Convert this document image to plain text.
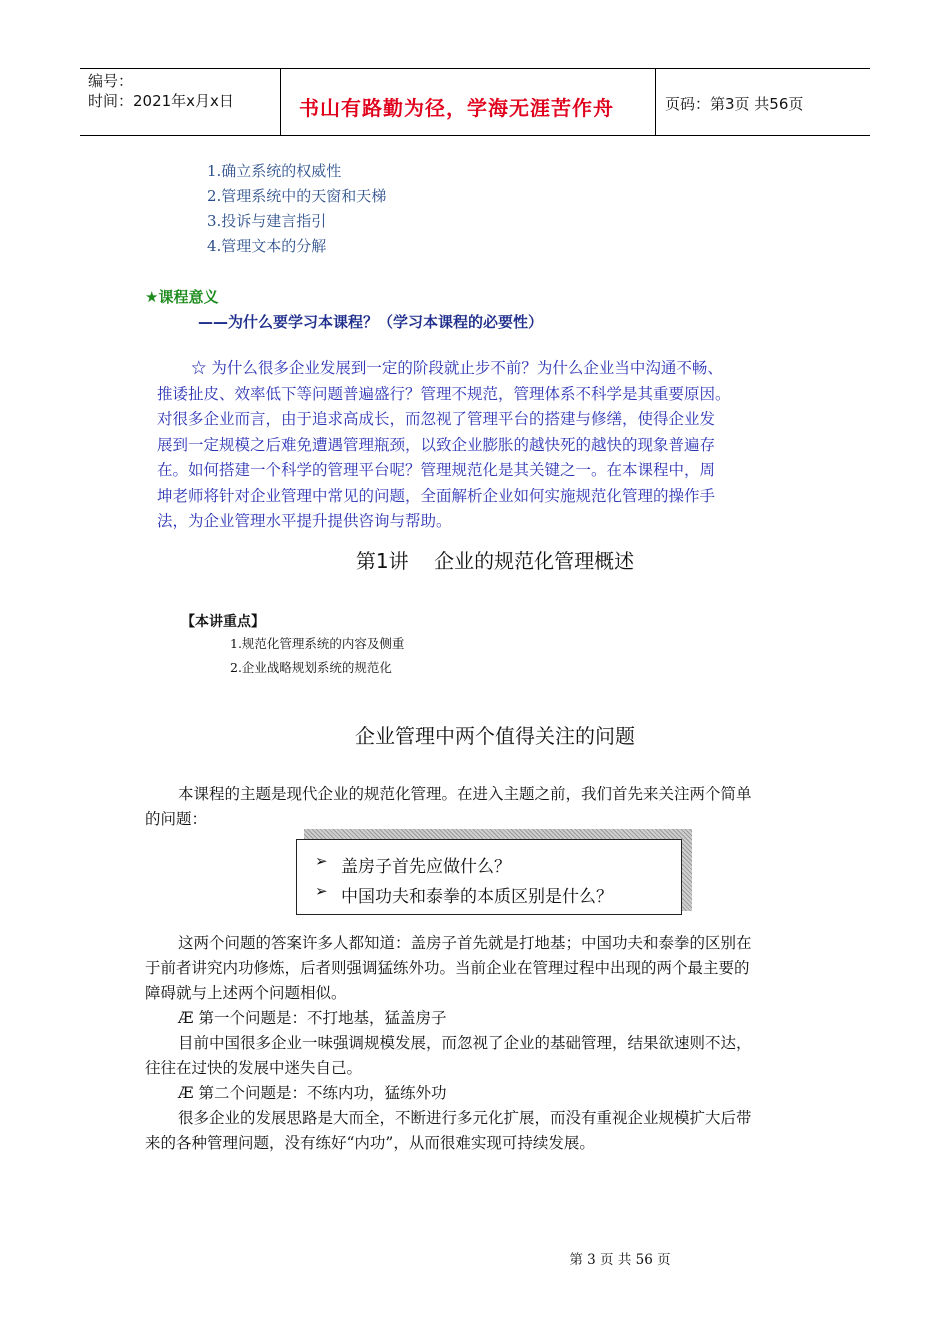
编号：
时间：2021年x月x日	书山有路勤为径，学海无涯苦作舟	页码：第3页 共56页
1.确立系统的权威性
2.管理系统中的天窗和天梯
3.投诉与建言指引
4.管理文本的分解
★课程意义
——为什么要学习本课程？（学习本课程的必要性）
☆ 为什么很多企业发展到一定的阶段就止步不前？为什么企业当中沟通不畅、
推诿扯皮、效率低下等问题普遍盛行？管理不规范，管理体系不科学是其重要原因。
对很多企业而言，由于追求高成长，而忽视了管理平台的搭建与修缮，使得企业发
展到一定规模之后难免遭遇管理瓶颈，以致企业膨胀的越快死的越快的现象普遍存
在。如何搭建一个科学的管理平台呢？管理规范化是其关键之一。在本课程中，周
坤老师将针对企业管理中常见的问题，全面解析企业如何实施规范化管理的操作手
法，为企业管理水平提升提供咨询与帮助。
第1讲    企业的规范化管理概述
【本讲重点】
1.规范化管理系统的内容及侧重
2.企业战略规划系统的规范化
企业管理中两个值得关注的问题
本课程的主题是现代企业的规范化管理。在进入主题之前，我们首先来关注两个简单
的问题：
➢ 盖房子首先应做什么？
➢ 中国功夫和泰拳的本质区别是什么？
这两个问题的答案许多人都知道：盖房子首先就是打地基；中国功夫和泰拳的区别在
于前者讲究内功修炼，后者则强调猛练外功。当前企业在管理过程中出现的两个最主要的
障碍就与上述两个问题相似。
Æ 第一个问题是：不打地基，猛盖房子
目前中国很多企业一味强调规模发展，而忽视了企业的基础管理，结果欲速则不达，
往往在过快的发展中迷失自己。
Æ 第二个问题是：不练内功，猛练外功
很多企业的发展思路是大而全，不断进行多元化扩展，而没有重视企业规模扩大后带
来的各种管理问题，没有练好“内功”，从而很难实现可持续发展。
第 3 页 共 56 页
